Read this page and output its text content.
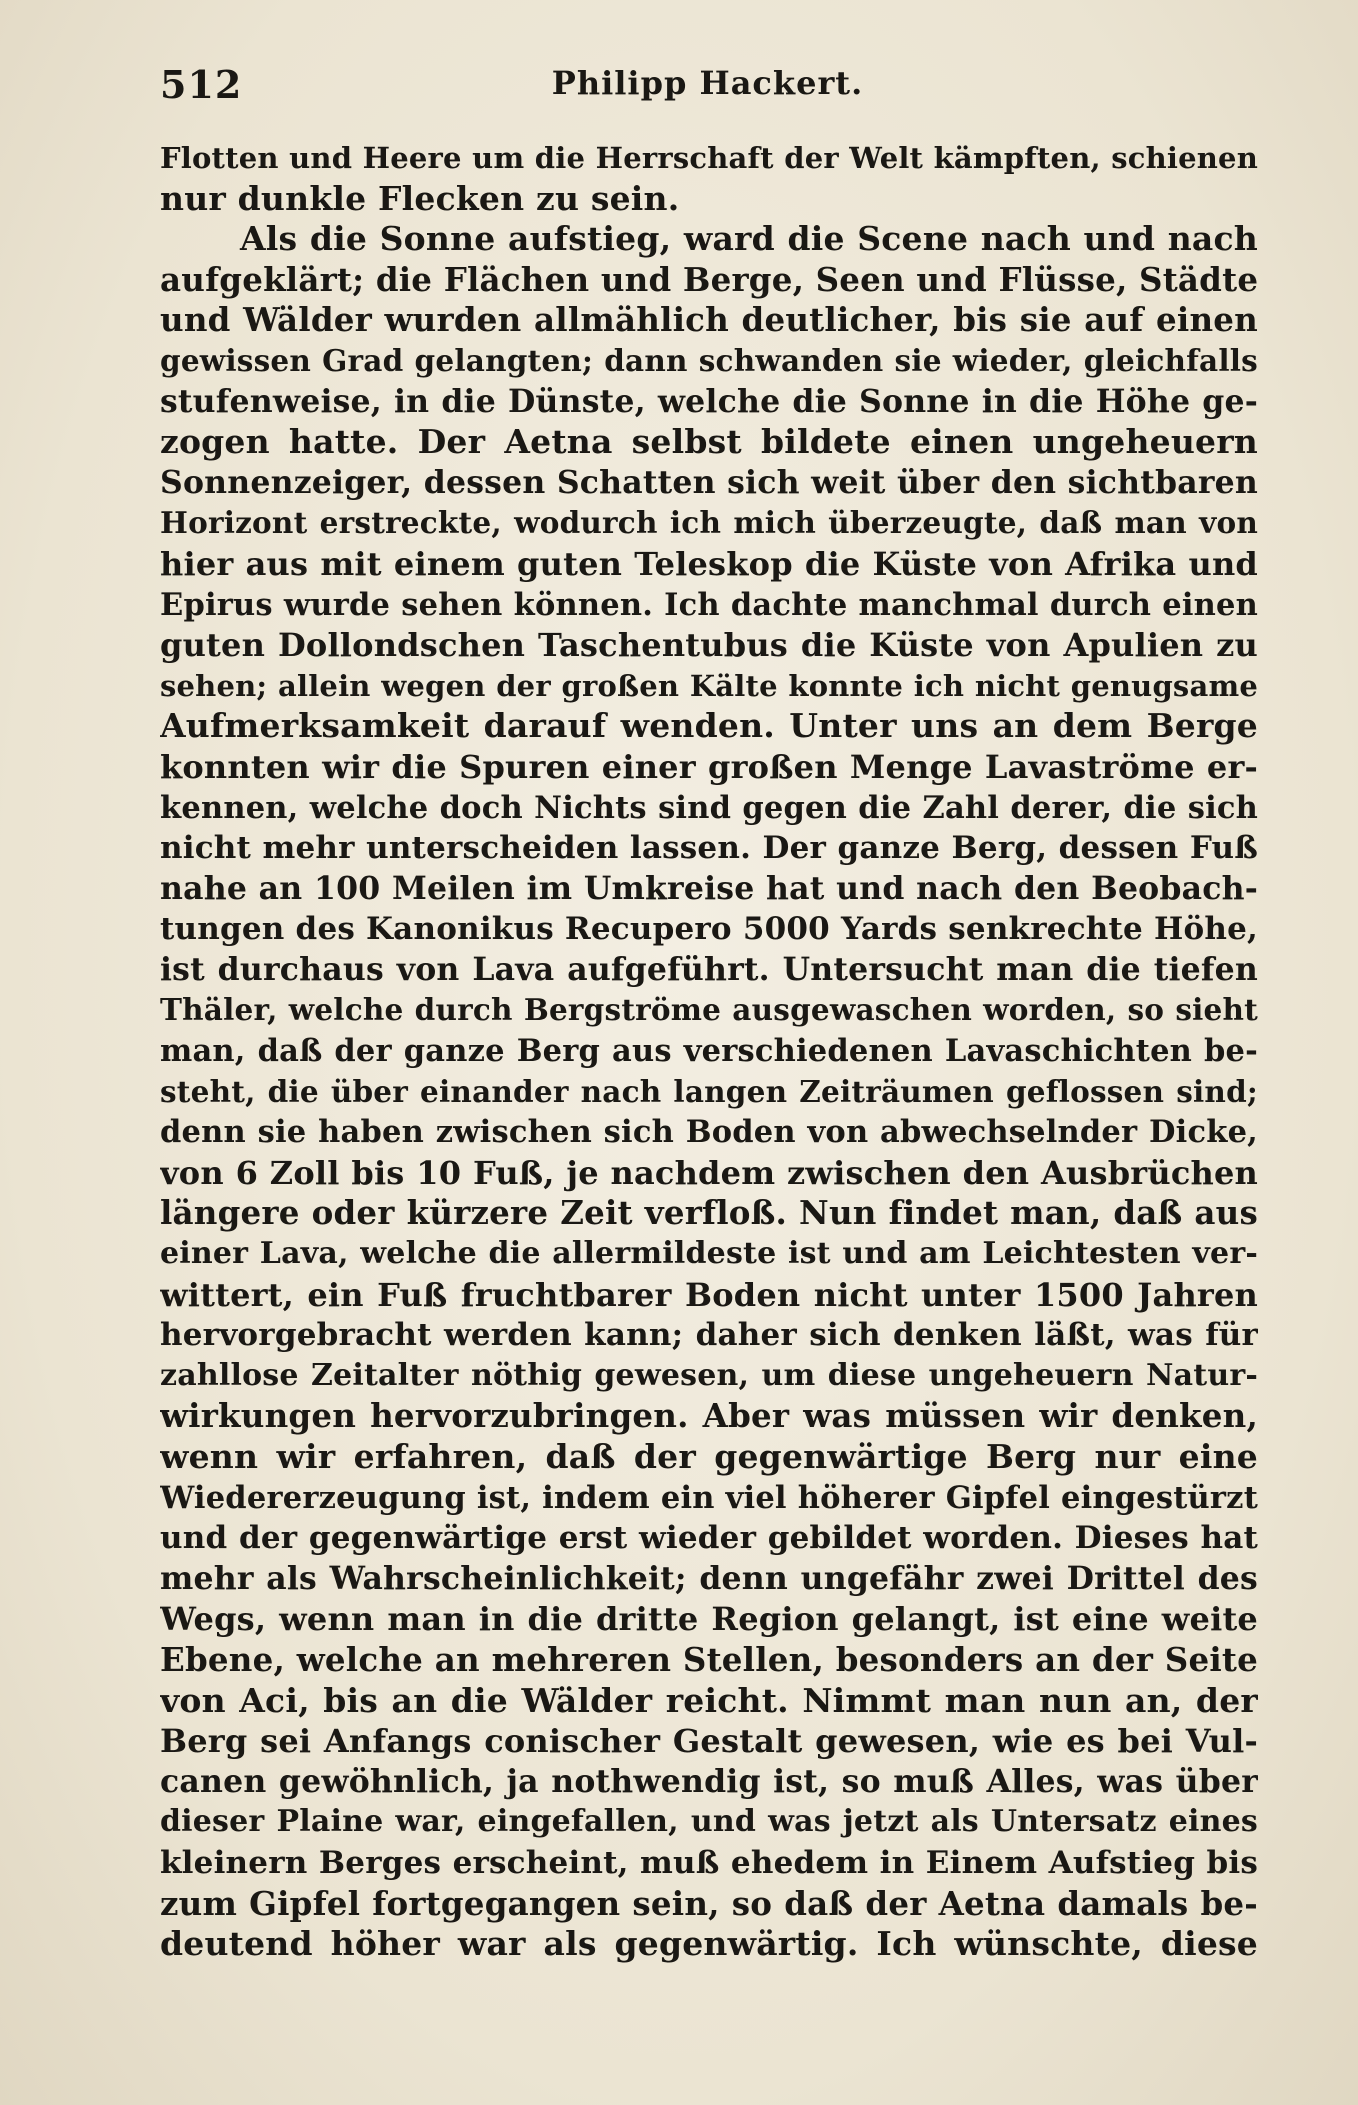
512	Philipp Hackert.
Flotten und Heere um die Herrschaft der Welt kämpften, schienen
nur dunkle Flecken zu sein.
Als die Sonne aufstieg, ward die Scene nach und nach
aufgeklärt; die Flächen und Berge, Seen und Flüsse, Städte
und Wälder wurden allmählich deutlicher, bis sie auf einen
gewissen Grad gelangten; dann schwanden sie wieder, gleichfalls
stufenweise, in die Dünste, welche die Sonne in die Höhe ge-
zogen hatte. Der Aetna selbst bildete einen ungeheuern
Sonnenzeiger, dessen Schatten sich weit über den sichtbaren
Horizont erstreckte, wodurch ich mich überzeugte, daß man von
hier aus mit einem guten Teleskop die Küste von Afrika und
Epirus wurde sehen können. Ich dachte manchmal durch einen
guten Dollondschen Taschentubus die Küste von Apulien zu
sehen; allein wegen der großen Kälte konnte ich nicht genugsame
Aufmerksamkeit darauf wenden. Unter uns an dem Berge
konnten wir die Spuren einer großen Menge Lavaströme er-
kennen, welche doch Nichts sind gegen die Zahl derer, die sich
nicht mehr unterscheiden lassen. Der ganze Berg, dessen Fuß
nahe an 100 Meilen im Umkreise hat und nach den Beobach-
tungen des Kanonikus Recupero 5000 Yards senkrechte Höhe,
ist durchaus von Lava aufgeführt. Untersucht man die tiefen
Thäler, welche durch Bergströme ausgewaschen worden, so sieht
man, daß der ganze Berg aus verschiedenen Lavaschichten be-
steht, die über einander nach langen Zeiträumen geflossen sind;
denn sie haben zwischen sich Boden von abwechselnder Dicke,
von 6 Zoll bis 10 Fuß, je nachdem zwischen den Ausbrüchen
längere oder kürzere Zeit verfloß. Nun findet man, daß aus
einer Lava, welche die allermildeste ist und am Leichtesten ver-
wittert, ein Fuß fruchtbarer Boden nicht unter 1500 Jahren
hervorgebracht werden kann; daher sich denken läßt, was für
zahllose Zeitalter nöthig gewesen, um diese ungeheuern Natur-
wirkungen hervorzubringen. Aber was müssen wir denken,
wenn wir erfahren, daß der gegenwärtige Berg nur eine
Wiedererzeugung ist, indem ein viel höherer Gipfel eingestürzt
und der gegenwärtige erst wieder gebildet worden. Dieses hat
mehr als Wahrscheinlichkeit; denn ungefähr zwei Drittel des
Wegs, wenn man in die dritte Region gelangt, ist eine weite
Ebene, welche an mehreren Stellen, besonders an der Seite
von Aci, bis an die Wälder reicht. Nimmt man nun an, der
Berg sei Anfangs conischer Gestalt gewesen, wie es bei Vul-
canen gewöhnlich, ja nothwendig ist, so muß Alles, was über
dieser Plaine war, eingefallen, und was jetzt als Untersatz eines
kleinern Berges erscheint, muß ehedem in Einem Aufstieg bis
zum Gipfel fortgegangen sein, so daß der Aetna damals be-
deutend höher war als gegenwärtig. Ich wünschte, diese
